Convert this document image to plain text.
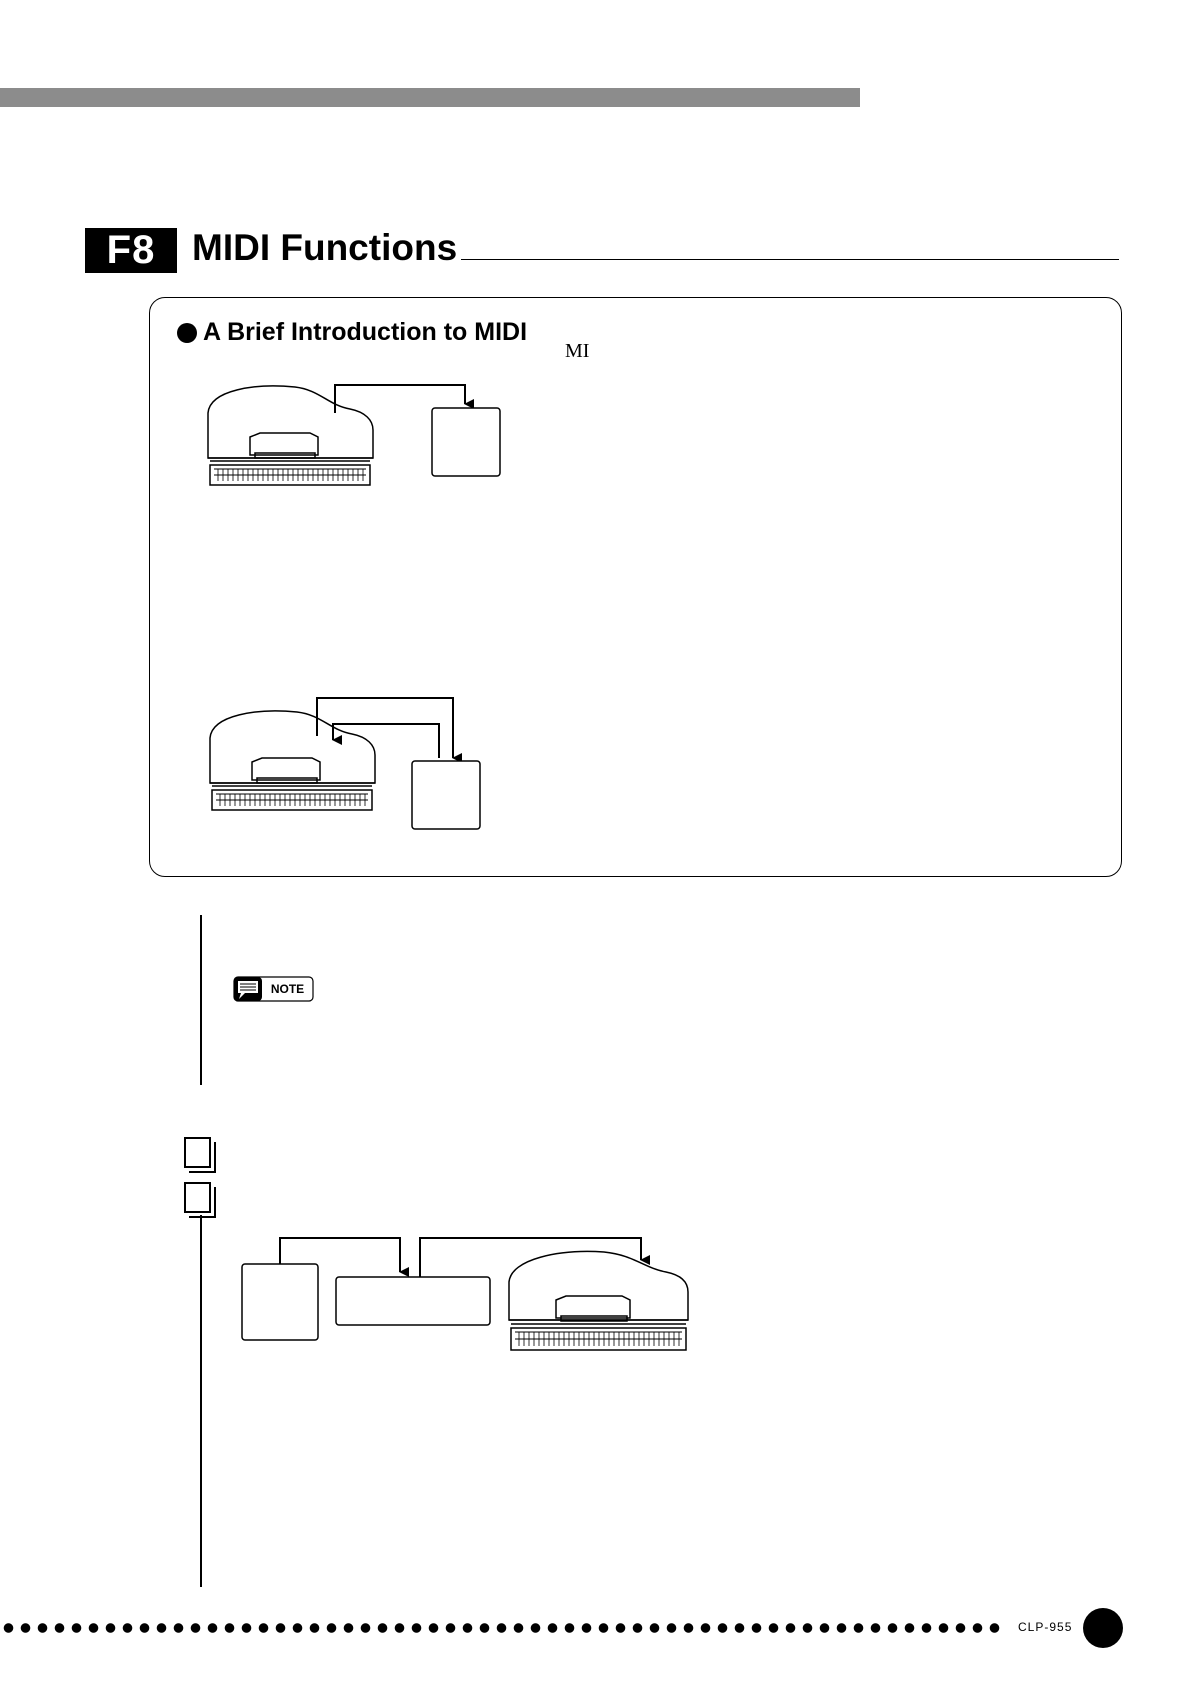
F8 MIDI Functions
A Brief Introduction to MIDI
MI
NOTE
CLP-955
